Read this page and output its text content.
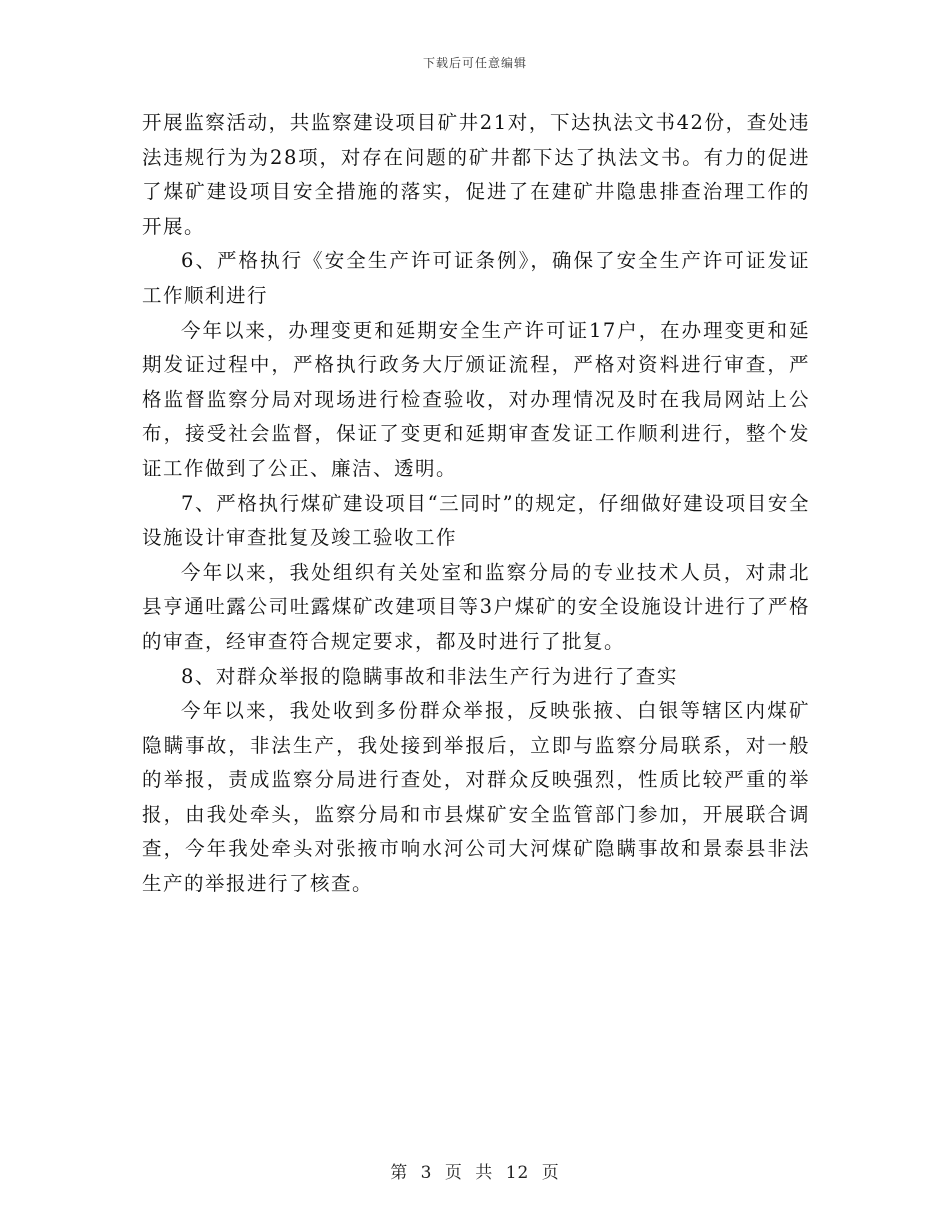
下载后可任意编辑

开展监察活动，共监察建设项目矿井21对，下达执法文书42份，查处违法违规行为为28项，对存在问题的矿井都下达了执法文书。有力的促进了煤矿建设项目安全措施的落实，促进了在建矿井隐患排查治理工作的开展。

6、严格执行《安全生产许可证条例》，确保了安全生产许可证发证工作顺利进行

今年以来，办理变更和延期安全生产许可证17户，在办理变更和延期发证过程中，严格执行政务大厅颁证流程，严格对资料进行审查，严格监督监察分局对现场进行检查验收，对办理情况及时在我局网站上公布，接受社会监督，保证了变更和延期审查发证工作顺利进行，整个发证工作做到了公正、廉洁、透明。

7、严格执行煤矿建设项目“三同时”的规定，仔细做好建设项目安全设施设计审查批复及竣工验收工作

今年以来，我处组织有关处室和监察分局的专业技术人员，对肃北县亨通吐露公司吐露煤矿改建项目等3户煤矿的安全设施设计进行了严格的审查，经审查符合规定要求，都及时进行了批复。

8、对群众举报的隐瞒事故和非法生产行为进行了查实

今年以来，我处收到多份群众举报，反映张掖、白银等辖区内煤矿隐瞒事故，非法生产，我处接到举报后，立即与监察分局联系，对一般的举报，责成监察分局进行查处，对群众反映强烈，性质比较严重的举报，由我处牵头，监察分局和市县煤矿安全监管部门参加，开展联合调查，今年我处牵头对张掖市响水河公司大河煤矿隐瞒事故和景泰县非法生产的举报进行了核查。

第 3 页 共 12 页
